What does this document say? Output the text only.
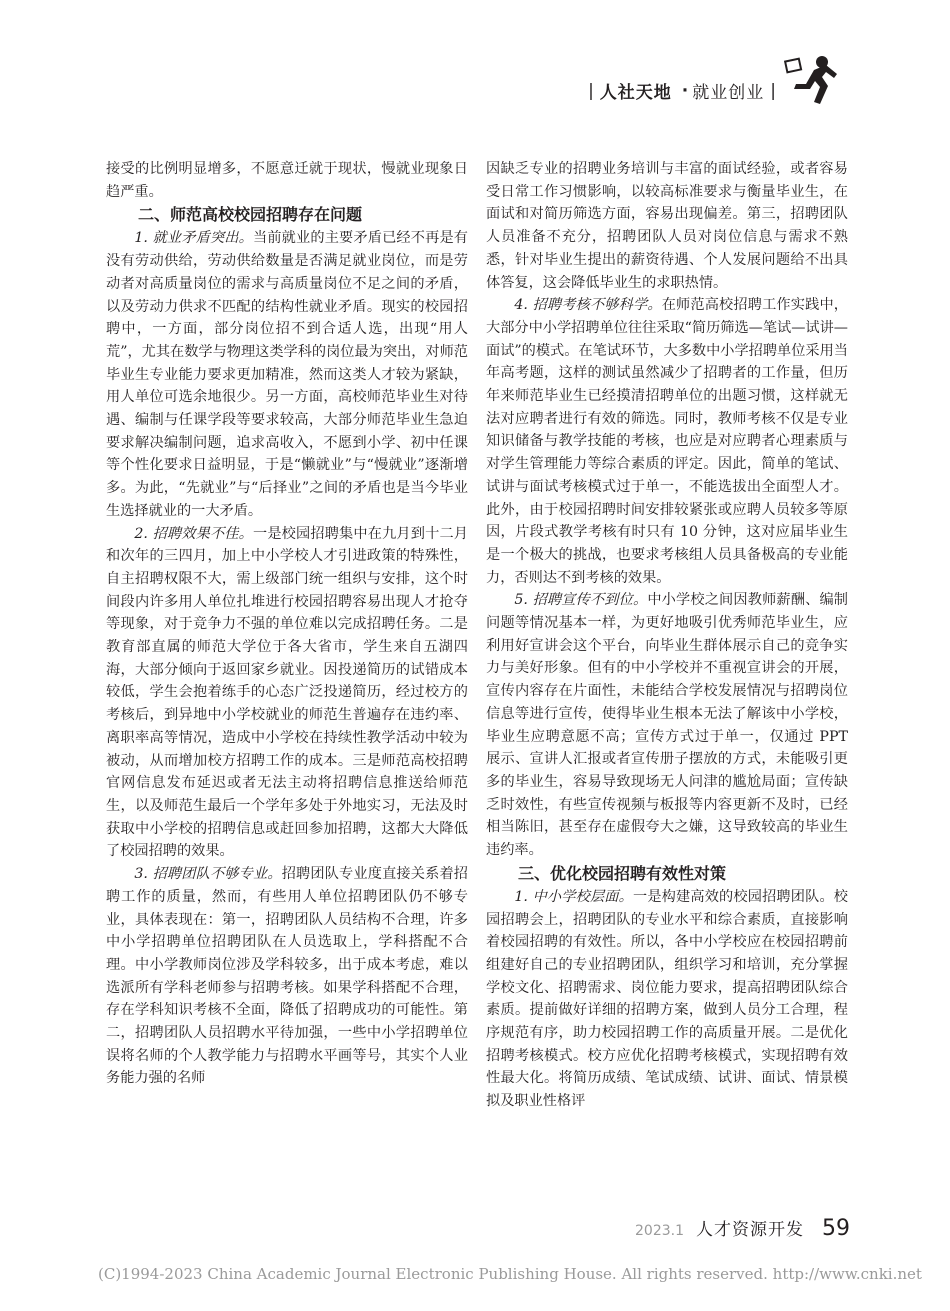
| 人社天地 · 就业创业 |

接受的比例明显增多，不愿意迁就于现状，慢就业现象日趋严重。

二、师范高校校园招聘存在问题

1. 就业矛盾突出。当前就业的主要矛盾已经不再是有没有劳动供给，劳动供给数量是否满足就业岗位，而是劳动者对高质量岗位的需求与高质量岗位不足之间的矛盾，以及劳动力供求不匹配的结构性就业矛盾。现实的校园招聘中，一方面，部分岗位招不到合适人选，出现“用人荒”，尤其在数学与物理这类学科的岗位最为突出，对师范毕业生专业能力要求更加精准，然而这类人才较为紧缺，用人单位可选余地很少。另一方面，高校师范毕业生对待遇、编制与任课学段等要求较高，大部分师范毕业生急迫要求解决编制问题，追求高收入，不愿到小学、初中任课等个性化要求日益明显，于是“懒就业”与“慢就业”逐渐增多。为此，“先就业”与“后择业”之间的矛盾也是当今毕业生选择就业的一大矛盾。

2. 招聘效果不佳。一是校园招聘集中在九月到十二月和次年的三四月，加上中小学校人才引进政策的特殊性，自主招聘权限不大，需上级部门统一组织与安排，这个时间段内许多用人单位扎堆进行校园招聘容易出现人才抢夺等现象，对于竞争力不强的单位难以完成招聘任务。二是教育部直属的师范大学位于各大省市，学生来自五湖四海，大部分倾向于返回家乡就业。因投递简历的试错成本较低，学生会抱着练手的心态广泛投递简历，经过校方的考核后，到异地中小学校就业的师范生普遍存在违约率、离职率高等情况，造成中小学校在持续性教学活动中较为被动，从而增加校方招聘工作的成本。三是师范高校招聘官网信息发布延迟或者无法主动将招聘信息推送给师范生，以及师范生最后一个学年多处于外地实习，无法及时获取中小学校的招聘信息或赶回参加招聘，这都大大降低了校园招聘的效果。

3. 招聘团队不够专业。招聘团队专业度直接关系着招聘工作的质量，然而，有些用人单位招聘团队仍不够专业，具体表现在：第一，招聘团队人员结构不合理，许多中小学招聘单位招聘团队在人员选取上，学科搭配不合理。中小学教师岗位涉及学科较多，出于成本考虑，难以选派所有学科老师参与招聘考核。如果学科搭配不合理，存在学科知识考核不全面，降低了招聘成功的可能性。第二，招聘团队人员招聘水平待加强，一些中小学招聘单位误将名师的个人教学能力与招聘水平画等号，其实个人业务能力强的名师

因缺乏专业的招聘业务培训与丰富的面试经验，或者容易受日常工作习惯影响，以较高标准要求与衡量毕业生，在面试和对简历筛选方面，容易出现偏差。第三，招聘团队人员准备不充分，招聘团队人员对岗位信息与需求不熟悉，针对毕业生提出的薪资待遇、个人发展问题给不出具体答复，这会降低毕业生的求职热情。

4. 招聘考核不够科学。在师范高校招聘工作实践中，大部分中小学招聘单位往往采取“简历筛选—笔试—试讲—面试”的模式。在笔试环节，大多数中小学招聘单位采用当年高考题，这样的测试虽然减少了招聘者的工作量，但历年来师范毕业生已经摸清招聘单位的出题习惯，这样就无法对应聘者进行有效的筛选。同时，教师考核不仅是专业知识储备与教学技能的考核，也应是对应聘者心理素质与对学生管理能力等综合素质的评定。因此，简单的笔试、试讲与面试考核模式过于单一，不能选拔出全面型人才。此外，由于校园招聘时间安排较紧张或应聘人员较多等原因，片段式教学考核有时只有 10 分钟，这对应届毕业生是一个极大的挑战，也要求考核组人员具备极高的专业能力，否则达不到考核的效果。

5. 招聘宣传不到位。中小学校之间因教师薪酬、编制问题等情况基本一样，为更好地吸引优秀师范毕业生，应利用好宣讲会这个平台，向毕业生群体展示自己的竞争实力与美好形象。但有的中小学校并不重视宣讲会的开展，宣传内容存在片面性，未能结合学校发展情况与招聘岗位信息等进行宣传，使得毕业生根本无法了解该中小学校，毕业生应聘意愿不高；宣传方式过于单一，仅通过 PPT 展示、宣讲人汇报或者宣传册子摆放的方式，未能吸引更多的毕业生，容易导致现场无人问津的尴尬局面；宣传缺乏时效性，有些宣传视频与板报等内容更新不及时，已经相当陈旧，甚至存在虚假夸大之嫌，这导致较高的毕业生违约率。

三、优化校园招聘有效性对策

1. 中小学校层面。一是构建高效的校园招聘团队。校园招聘会上，招聘团队的专业水平和综合素质，直接影响着校园招聘的有效性。所以，各中小学校应在校园招聘前组建好自己的专业招聘团队，组织学习和培训，充分掌握学校文化、招聘需求、岗位能力要求，提高招聘团队综合素质。提前做好详细的招聘方案，做到人员分工合理，程序规范有序，助力校园招聘工作的高质量开展。二是优化招聘考核模式。校方应优化招聘考核模式，实现招聘有效性最大化。将简历成绩、笔试成绩、试讲、面试、情景模拟及职业性格评

2023.1 人才资源开发 59
(C)1994-2023 China Academic Journal Electronic Publishing House. All rights reserved. http://www.cnki.net
